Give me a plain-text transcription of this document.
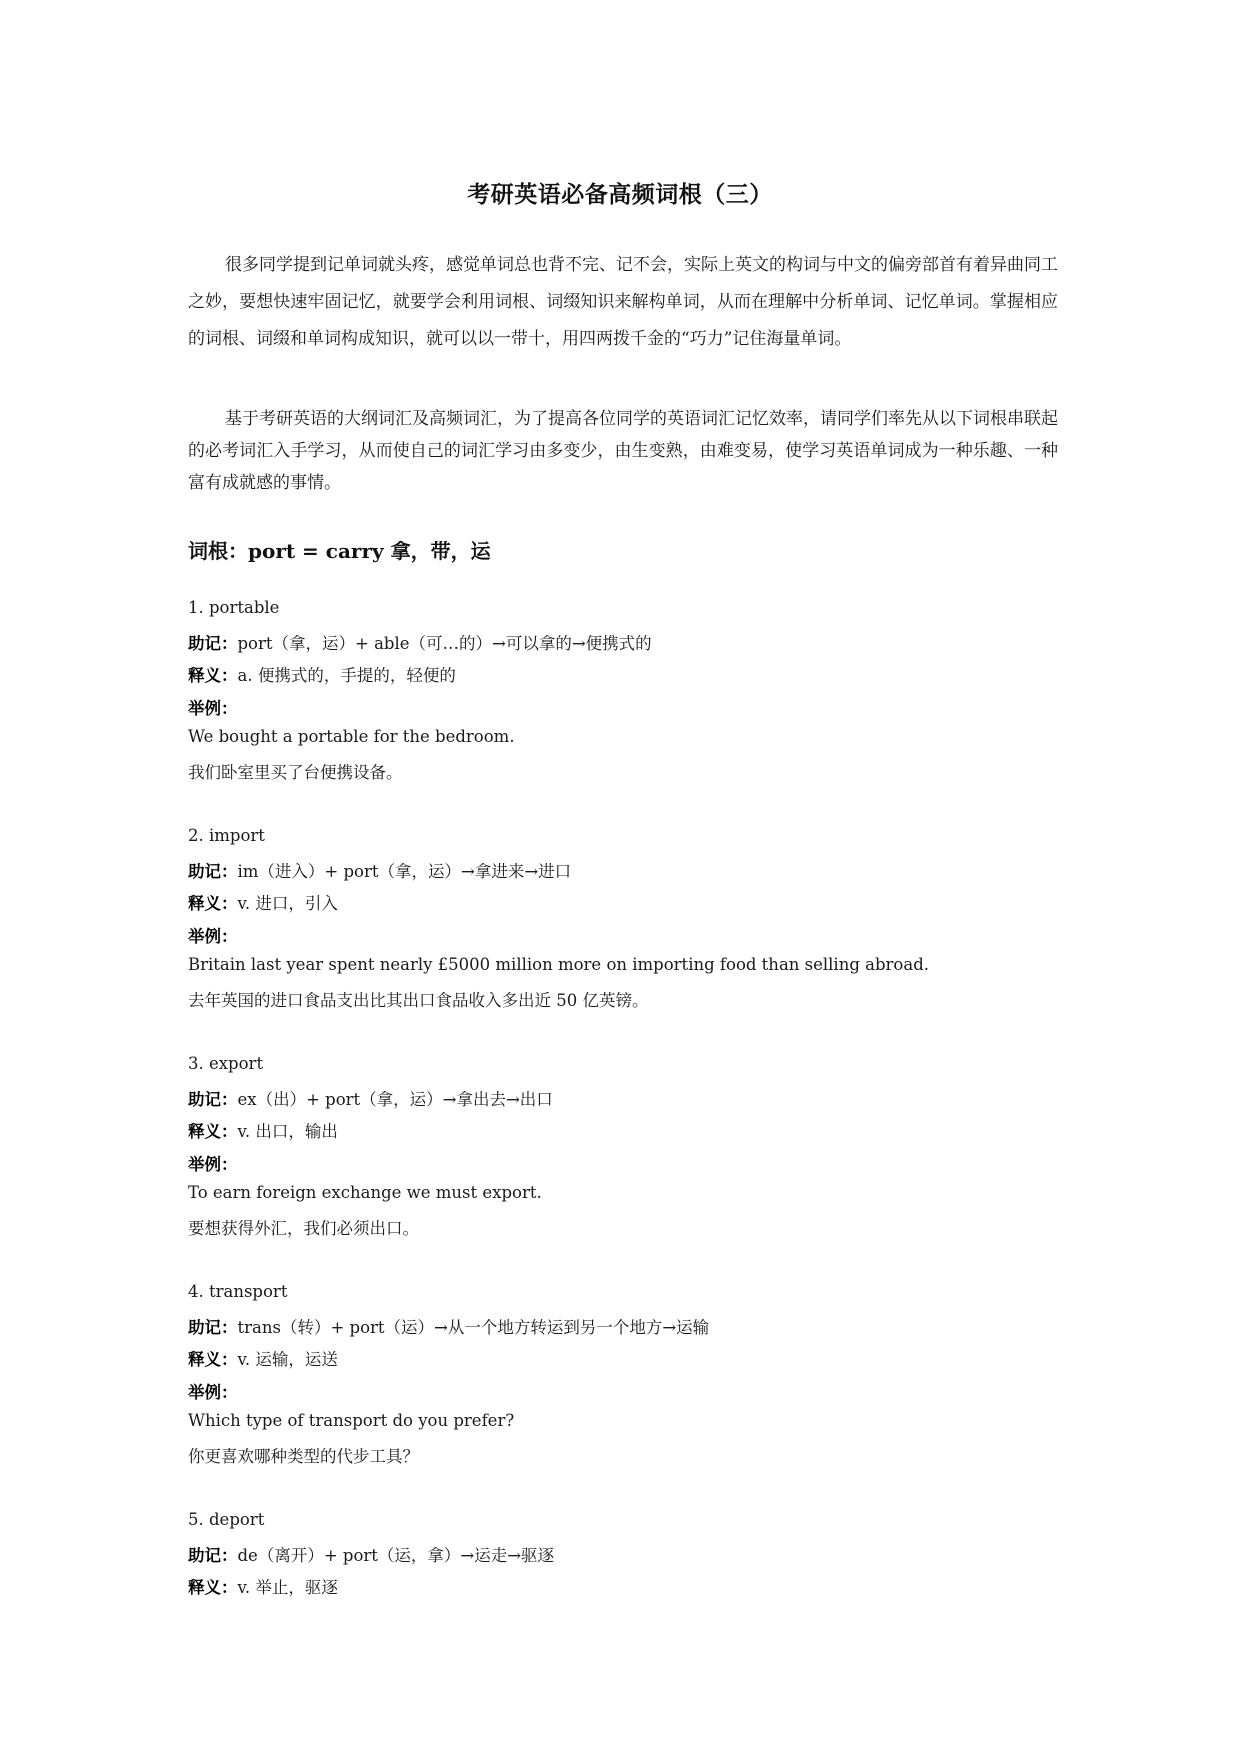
考研英语必备高频词根（三）

很多同学提到记单词就头疼，感觉单词总也背不完、记不会，实际上英文的构词与中文的偏旁部首有着异曲同工之妙，要想快速牢固记忆，就要学会利用词根、词缀知识来解构单词，从而在理解中分析单词、记忆单词。掌握相应的词根、词缀和单词构成知识，就可以以一带十，用四两拨千金的“巧力”记住海量单词。

基于考研英语的大纲词汇及高频词汇，为了提高各位同学的英语词汇记忆效率，请同学们率先从以下词根串联起的必考词汇入手学习，从而使自己的词汇学习由多变少，由生变熟，由难变易，使学习英语单词成为一种乐趣、一种富有成就感的事情。

词根：port = carry 拿，带，运
1. portable
助记：port（拿，运）+ able（可…的）→可以拿的→便携式的
释义：a. 便携式的，手提的，轻便的
举例：
We bought a portable for the bedroom.
我们卧室里买了台便携设备。
2. import
助记：im（进入）+ port（拿，运）→拿进来→进口
释义：v. 进口，引入
举例：
Britain last year spent nearly £5000 million more on importing food than selling abroad.
去年英国的进口食品支出比其出口食品收入多出近 50 亿英镑。
3. export
助记：ex（出）+ port（拿，运）→拿出去→出口
释义：v. 出口，输出
举例：
To earn foreign exchange we must export.
要想获得外汇，我们必须出口。
4. transport
助记：trans（转）+ port（运）→从一个地方转运到另一个地方→运输
释义：v. 运输，运送
举例：
Which type of transport do you prefer?
你更喜欢哪种类型的代步工具？
5. deport
助记：de（离开）+ port（运，拿）→运走→驱逐
释义：v. 举止，驱逐
